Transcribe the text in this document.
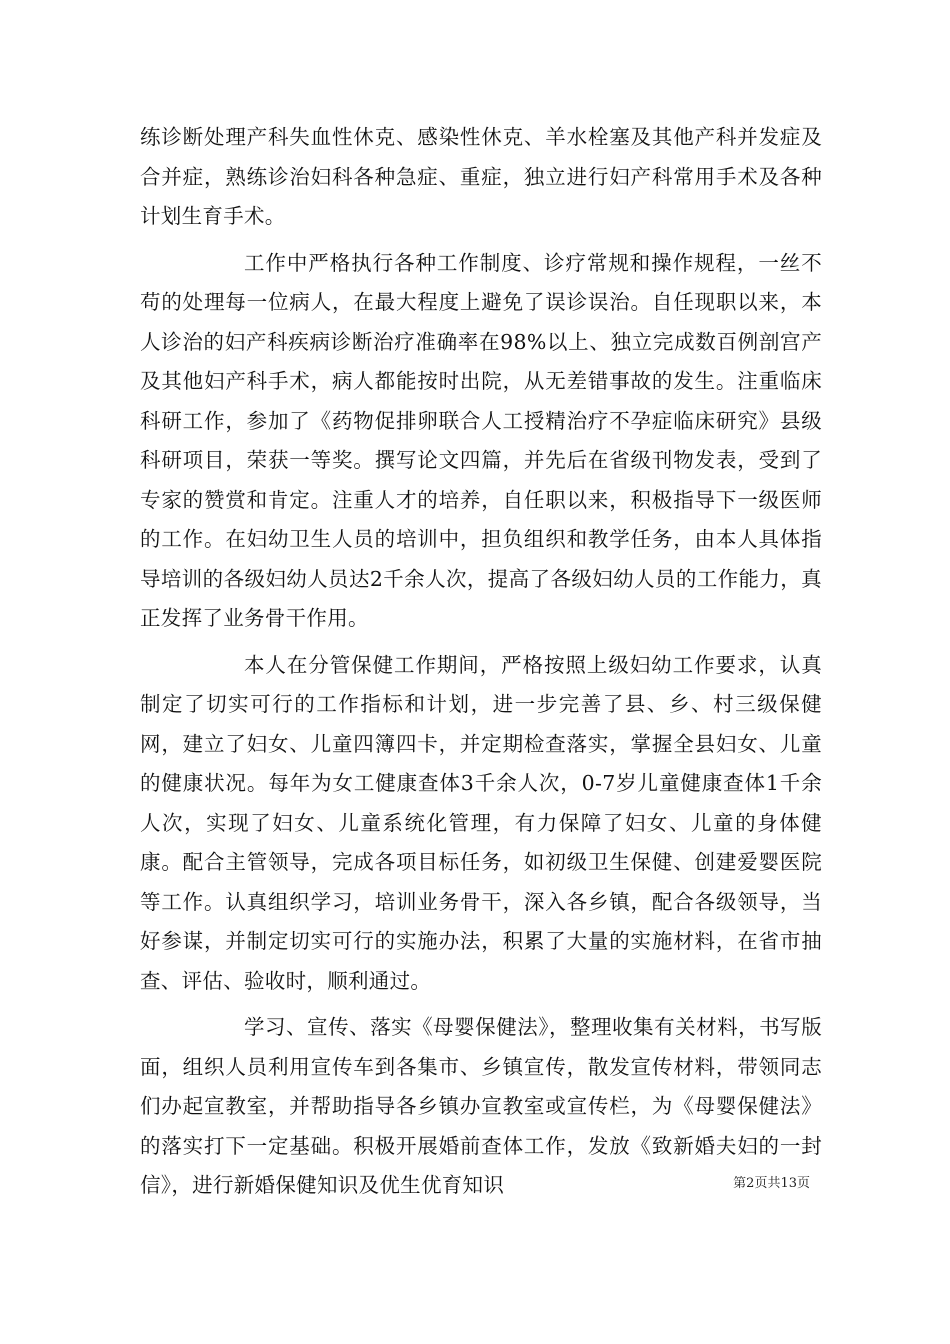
练诊断处理产科失血性休克、感染性休克、羊水栓塞及其他产科并发症及合并症，熟练诊治妇科各种急症、重症，独立进行妇产科常用手术及各种计划生育手术。

工作中严格执行各种工作制度、诊疗常规和操作规程，一丝不苟的处理每一位病人，在最大程度上避免了误诊误治。自任现职以来，本人诊治的妇产科疾病诊断治疗准确率在98%以上、独立完成数百例剖宫产及其他妇产科手术，病人都能按时出院，从无差错事故的发生。注重临床科研工作，参加了《药物促排卵联合人工授精治疗不孕症临床研究》县级科研项目，荣获一等奖。撰写论文四篇，并先后在省级刊物发表，受到了专家的赞赏和肯定。注重人才的培养，自任职以来，积极指导下一级医师的工作。在妇幼卫生人员的培训中，担负组织和教学任务，由本人具体指导培训的各级妇幼人员达2千余人次，提高了各级妇幼人员的工作能力，真正发挥了业务骨干作用。

本人在分管保健工作期间，严格按照上级妇幼工作要求，认真制定了切实可行的工作指标和计划，进一步完善了县、乡、村三级保健网，建立了妇女、儿童四簿四卡，并定期检查落实，掌握全县妇女、儿童的健康状况。每年为女工健康查体3千余人次，0-7岁儿童健康查体1千余人次，实现了妇女、儿童系统化管理，有力保障了妇女、儿童的身体健康。配合主管领导，完成各项目标任务，如初级卫生保健、创建爱婴医院等工作。认真组织学习，培训业务骨干，深入各乡镇，配合各级领导，当好参谋，并制定切实可行的实施办法，积累了大量的实施材料，在省市抽查、评估、验收时，顺利通过。

学习、宣传、落实《母婴保健法》，整理收集有关材料，书写版面，组织人员利用宣传车到各集市、乡镇宣传，散发宣传材料，带领同志们办起宣教室，并帮助指导各乡镇办宣教室或宣传栏，为《母婴保健法》的落实打下一定基础。积极开展婚前查体工作，发放《致新婚夫妇的一封信》，进行新婚保健知识及优生优育知识	第2页共13页
